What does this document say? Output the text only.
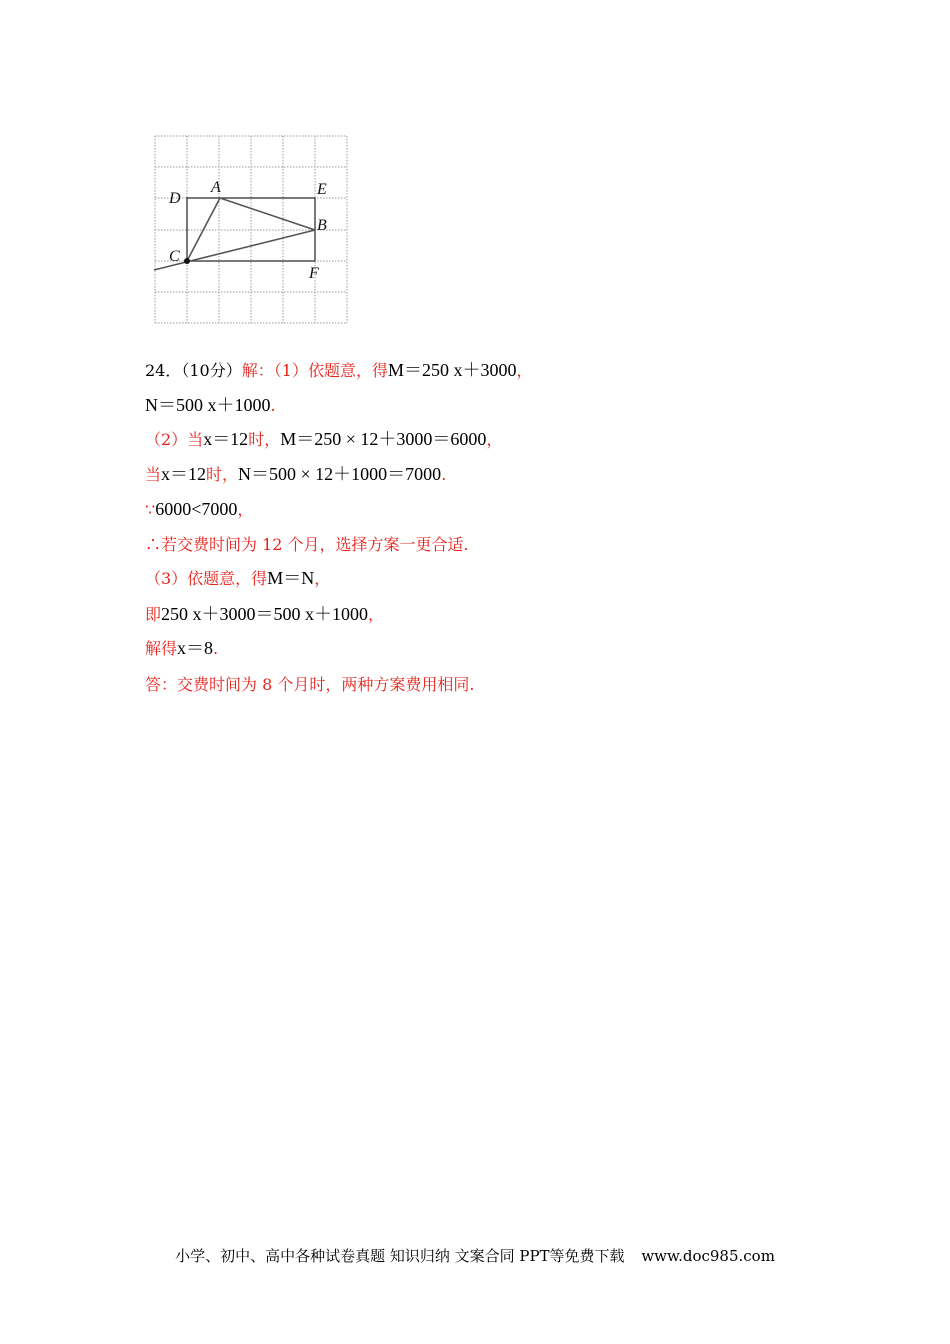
D
A	E
B
C
F
24．（10分）解：（1）依题意，得M＝250 x＋3000，
N＝500 x＋1000.
（2）当x＝12时，M＝250 × 12＋3000＝6000，
当x＝12时，N＝500 × 12＋1000＝7000.
∵6000<7000，
∴若交费时间为 12 个月，选择方案一更合适.
（3）依题意，得M＝N，
即250 x＋3000＝500 x＋1000，
解得x＝8.
答：交费时间为 8 个月时，两种方案费用相同.
小学、初中、高中各种试卷真题 知识归纳 文案合同 PPT等免费下载 www.doc985.com
